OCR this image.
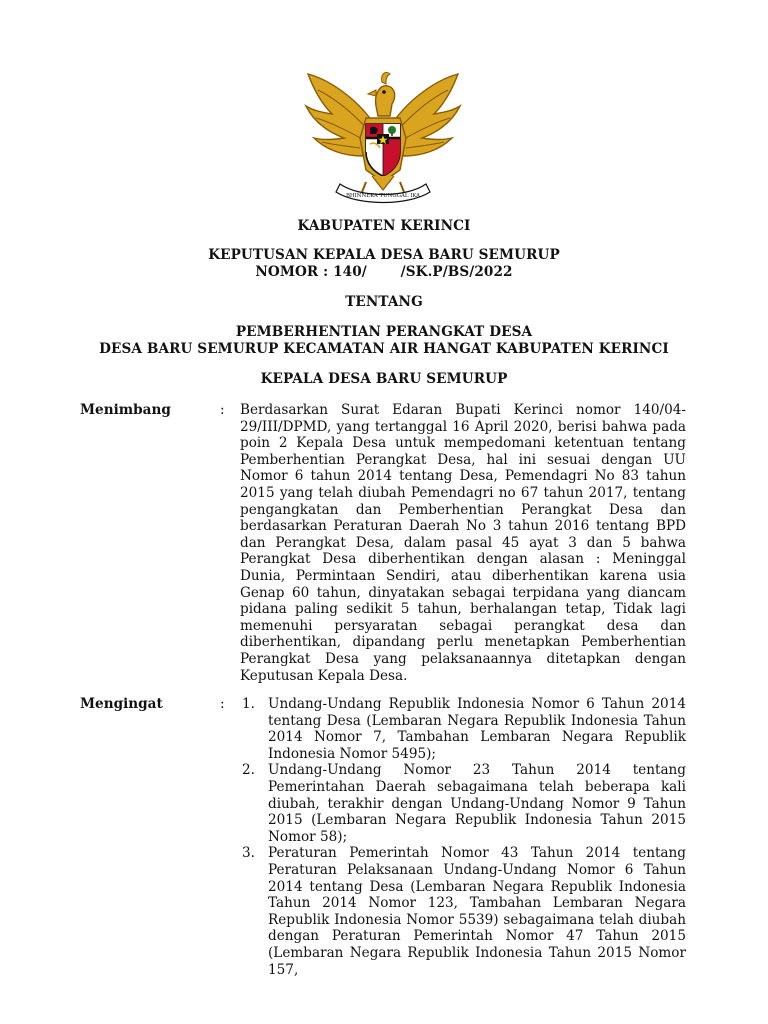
BHINNEKA TUNGGAL IKA
KABUPATEN KERINCI
KEPUTUSAN KEPALA DESA BARU SEMURUP
NOMOR : 140/       /SK.P/BS/2022
TENTANG
PEMBERHENTIAN PERANGKAT DESA
DESA BARU SEMURUP KECAMATAN AIR HANGAT KABUPATEN KERINCI
KEPALA DESA BARU SEMURUP
Menimbang	: Berdasarkan Surat Edaran Bupati Kerinci nomor 140/04-29/III/DPMD, yang tertanggal 16 April 2020, berisi bahwa pada poin 2 Kepala Desa untuk mempedomani ketentuan tentang Pemberhentian Perangkat Desa, hal ini sesuai dengan UU Nomor 6 tahun 2014 tentang Desa, Pemendagri No 83 tahun 2015 yang telah diubah Pemendagri no 67 tahun 2017, tentang pengangkatan dan Pemberhentian Perangkat Desa dan berdasarkan Peraturan Daerah No 3 tahun 2016 tentang BPD dan Perangkat Desa, dalam pasal 45 ayat 3 dan 5 bahwa Perangkat Desa diberhentikan dengan alasan : Meninggal Dunia, Permintaan Sendiri, atau diberhentikan karena usia Genap 60 tahun, dinyatakan sebagai terpidana yang diancam pidana paling sedikit 5 tahun, berhalangan tetap, Tidak lagi memenuhi persyaratan sebagai perangkat desa dan diberhentikan, dipandang perlu menetapkan Pemberhentian Perangkat Desa yang pelaksanaannya ditetapkan dengan Keputusan Kepala Desa.
Mengingat	: 1. Undang-Undang Republik Indonesia Nomor 6 Tahun 2014 tentang Desa (Lembaran Negara Republik Indonesia Tahun 2014 Nomor 7, Tambahan Lembaran Negara Republik Indonesia Nomor 5495);
2. Undang-Undang Nomor 23 Tahun 2014 tentang Pemerintahan Daerah sebagaimana telah beberapa kali diubah, terakhir dengan Undang-Undang Nomor 9 Tahun 2015 (Lembaran Negara Republik Indonesia Tahun 2015 Nomor 58);
3. Peraturan Pemerintah Nomor 43 Tahun 2014 tentang Peraturan Pelaksanaan Undang-Undang Nomor 6 Tahun 2014 tentang Desa (Lembaran Negara Republik Indonesia Tahun 2014 Nomor 123, Tambahan Lembaran Negara Republik Indonesia Nomor 5539) sebagaimana telah diubah dengan Peraturan Pemerintah Nomor 47 Tahun 2015 (Lembaran Negara Republik Indonesia Tahun 2015 Nomor 157,
